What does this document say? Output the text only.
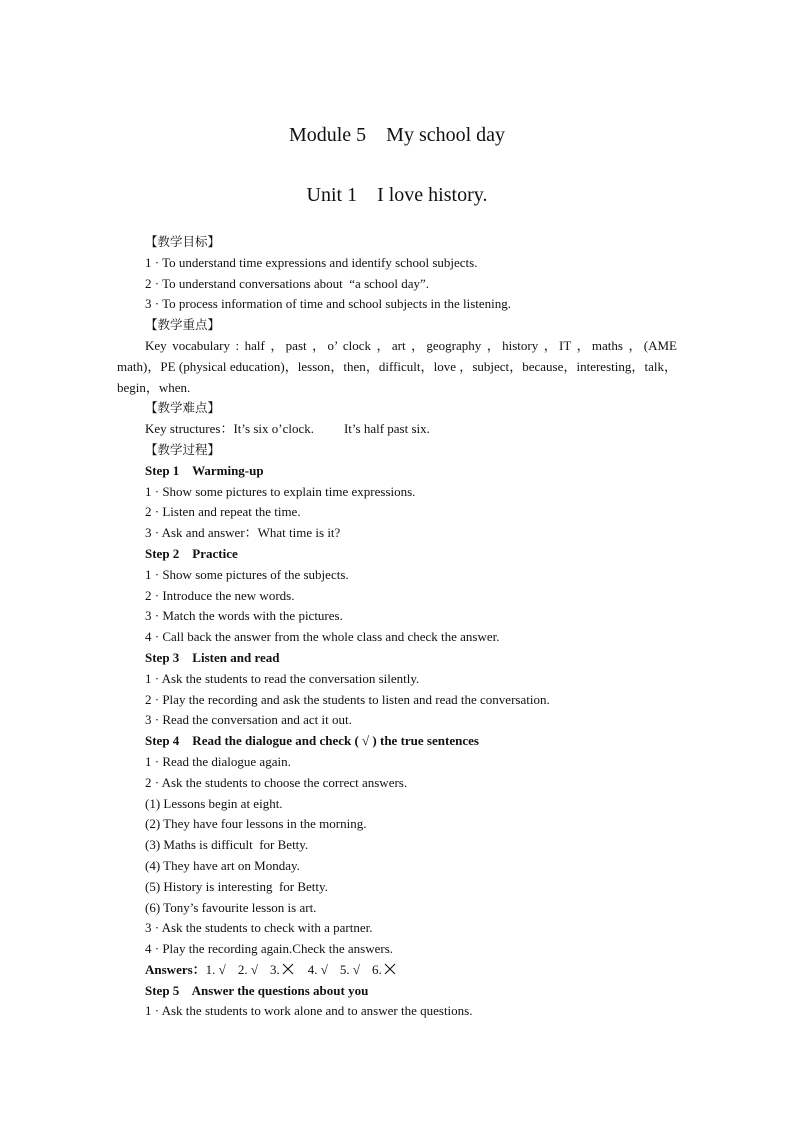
Module 5    My school day
Unit 1    I love history.
【教学目标】
1 · To understand time expressions and identify school subjects.
2 · To understand conversations about  “a school day”.
3 · To process information of time and school subjects in the listening.
【教学重点】
Key vocabulary : half ，past ，o’ clock ，art ，geography ，history ，IT ，maths ，(AME math)，PE (physical education)，lesson，then，difficult，love ，subject，because，interesting，talk，begin，when.
【教学难点】
Key structures：It’s six o’clock. It’s half past six.
【教学过程】
Step 1    Warming-up
1 · Show some pictures to explain time expressions.
2 · Listen and repeat the time.
3 · Ask and answer：What time is it?
Step 2    Practice
1 · Show some pictures of the subjects.
2 · Introduce the new words.
3 · Match the words with the pictures.
4 · Call back the answer from the whole class and check the answer.
Step 3    Listen and read
1 · Ask the students to read the conversation silently.
2 · Play the recording and ask the students to listen and read the conversation.
3 · Read the conversation and act it out.
Step 4    Read the dialogue and check ( √ ) the true sentences
1 · Read the dialogue again.
2 · Ask the students to choose the correct answers.
(1) Lessons begin at eight.
(2) They have four lessons in the morning.
(3) Maths is difficult  for Betty.
(4) They have art on Monday.
(5) History is interesting  for Betty.
(6) Tony’s favourite lesson is art.
3 · Ask the students to check with a partner.
4 · Play the recording again.Check the answers.
Answers：1. √ 2. √ 3. 4. √ 5. √ 6.
Step 5    Answer the questions about you
1 · Ask the students to work alone and to answer the questions.
